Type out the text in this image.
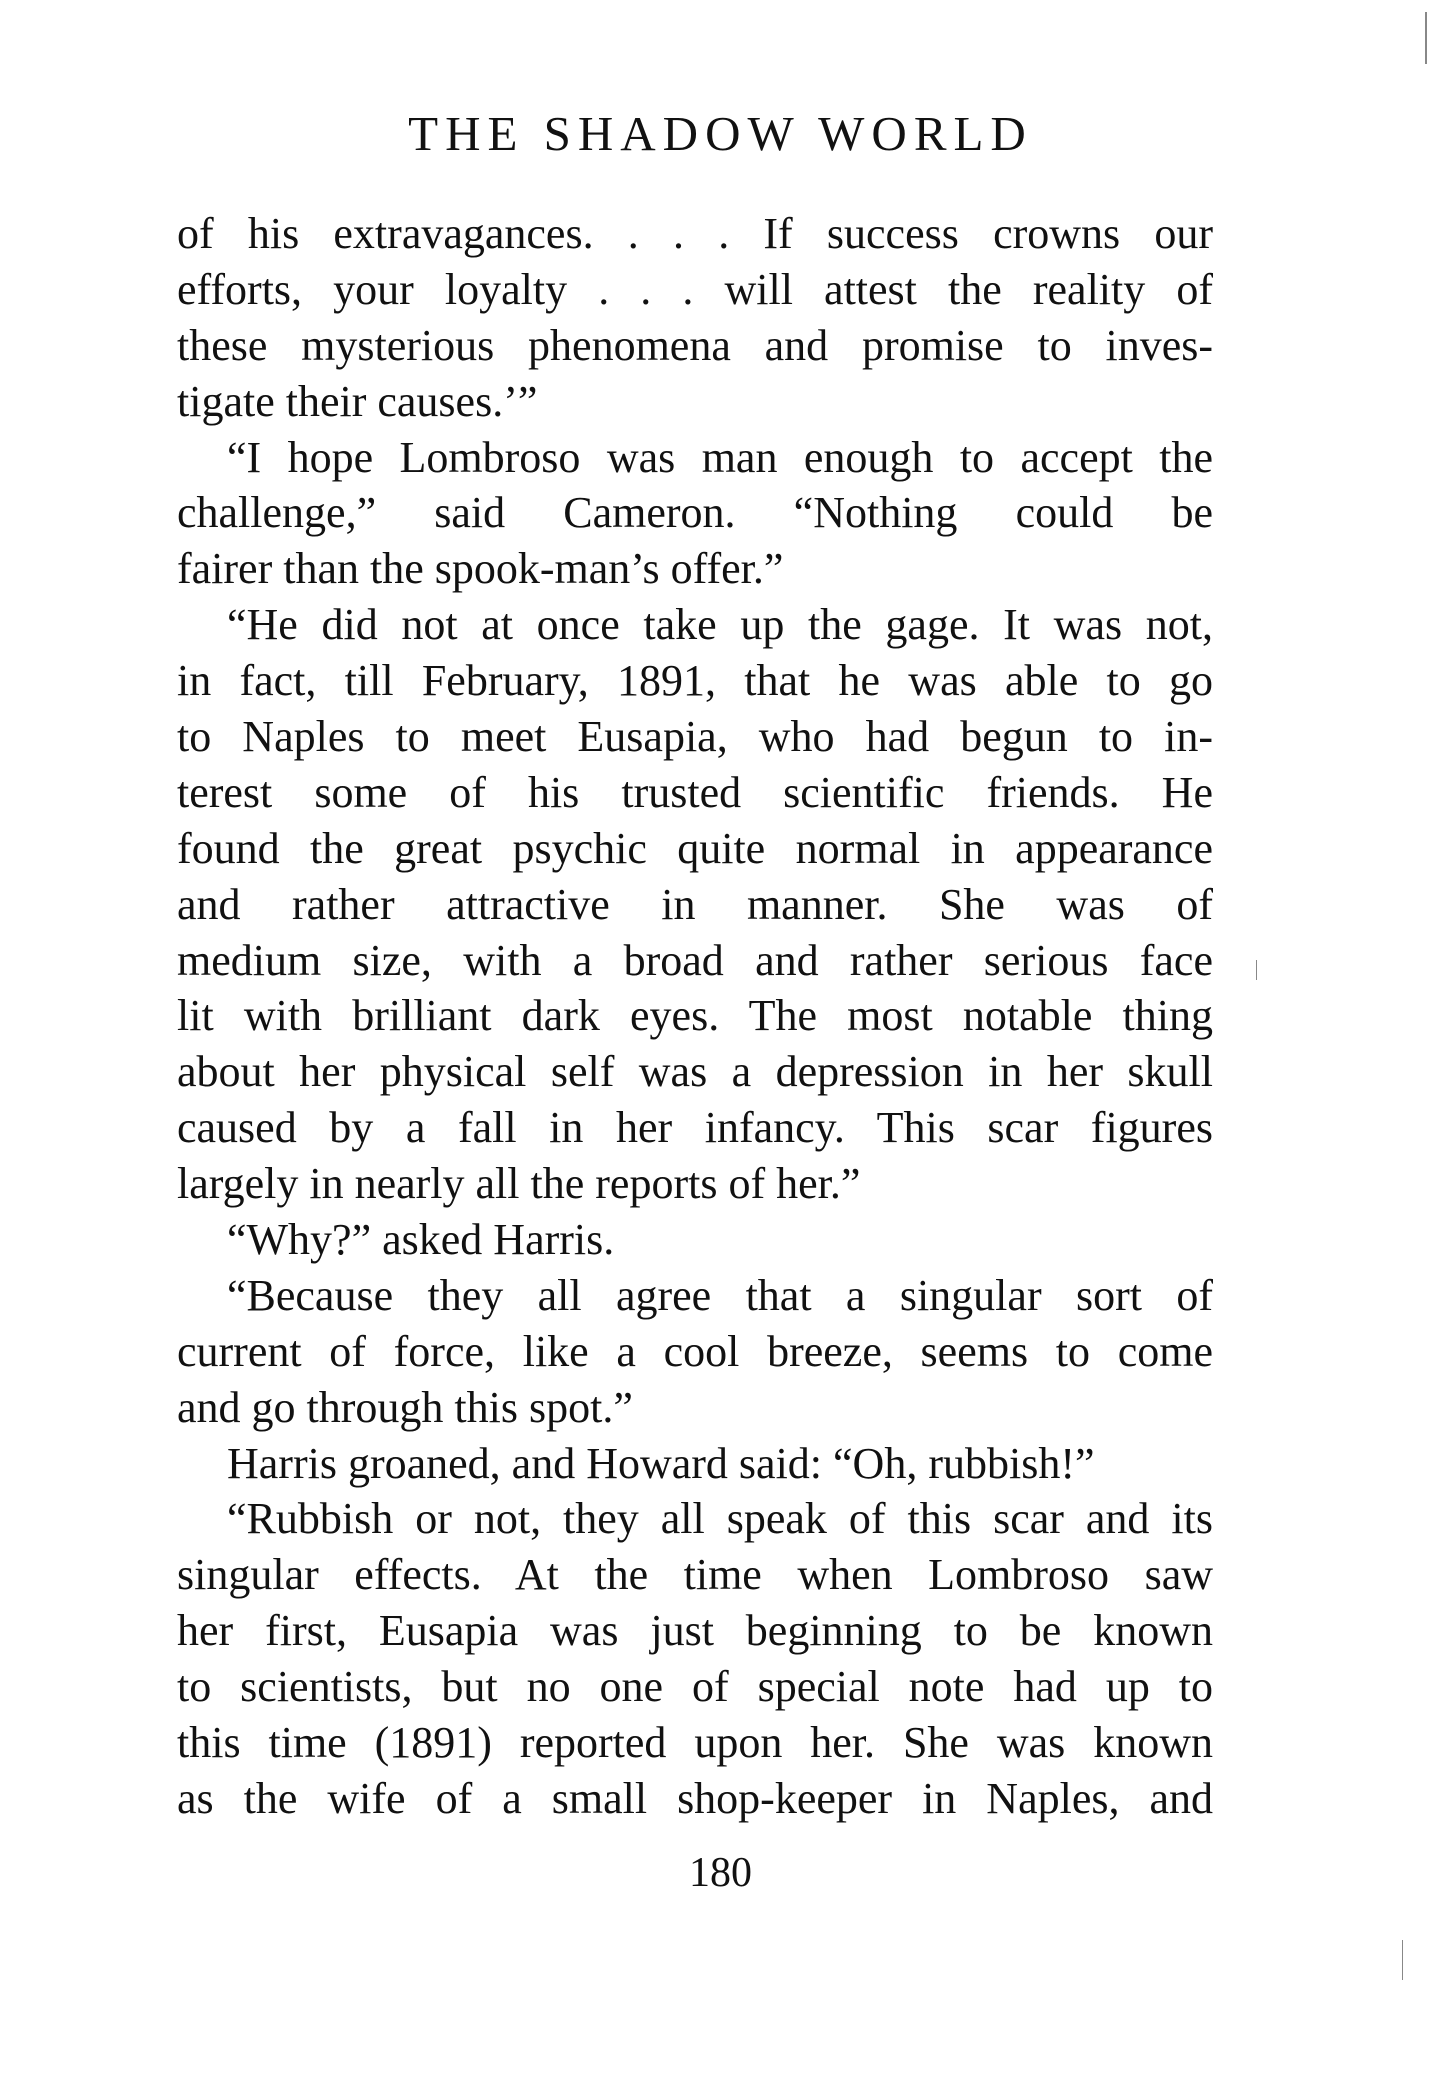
THE SHADOW WORLD
of his extravagances. . . . If success crowns our
efforts, your loyalty . . . will attest the reality of
these mysterious phenomena and promise to inves-
tigate their causes.’”
“I hope Lombroso was man enough to accept the
challenge,” said Cameron. “Nothing could be
fairer than the spook-man’s offer.”
“He did not at once take up the gage. It was not,
in fact, till February, 1891, that he was able to go
to Naples to meet Eusapia, who had begun to in-
terest some of his trusted scientific friends. He
found the great psychic quite normal in appearance
and rather attractive in manner. She was of
medium size, with a broad and rather serious face
lit with brilliant dark eyes. The most notable thing
about her physical self was a depression in her skull
caused by a fall in her infancy. This scar figures
largely in nearly all the reports of her.”
“Why?” asked Harris.
“Because they all agree that a singular sort of
current of force, like a cool breeze, seems to come
and go through this spot.”
Harris groaned, and Howard said: “Oh, rubbish!”
“Rubbish or not, they all speak of this scar and its
singular effects. At the time when Lombroso saw
her first, Eusapia was just beginning to be known
to scientists, but no one of special note had up to
this time (1891) reported upon her. She was known
as the wife of a small shop-keeper in Naples, and
180
